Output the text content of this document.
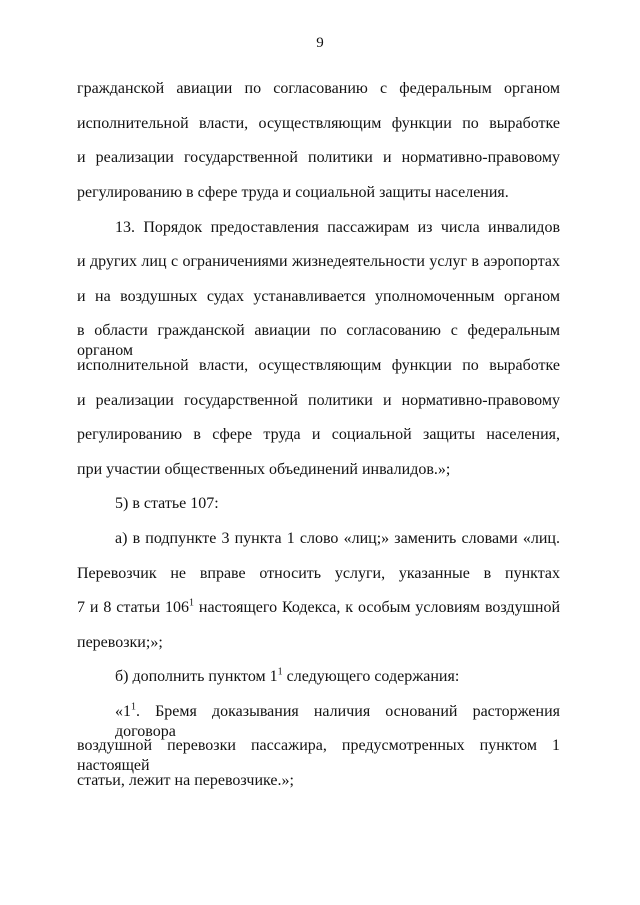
9
гражданской авиации по согласованию с федеральным органом
исполнительной власти, осуществляющим функции по выработке
и реализации государственной политики и нормативно-правовому
регулированию в сфере труда и социальной защиты населения.
13. Порядок предоставления пассажирам из числа инвалидов
и других лиц с ограничениями жизнедеятельности услуг в аэропортах
и на воздушных судах устанавливается уполномоченным органом
в области гражданской авиации по согласованию с федеральным органом
исполнительной власти, осуществляющим функции по выработке
и реализации государственной политики и нормативно-правовому
регулированию в сфере труда и социальной защиты населения,
при участии общественных объединений инвалидов.»;
5) в статье 107:
а) в подпункте 3 пункта 1 слово «лиц;» заменить словами «лиц.
Перевозчик не вправе относить услуги, указанные в пунктах
7 и 8 статьи $106^1$ настоящего Кодекса, к особым условиям воздушной
перевозки;»;
б) дополнить пунктом $1^1$ следующего содержания:
«$1^1$. Бремя доказывания наличия оснований расторжения договора
воздушной перевозки пассажира, предусмотренных пунктом 1 настоящей
статьи, лежит на перевозчике.»;
